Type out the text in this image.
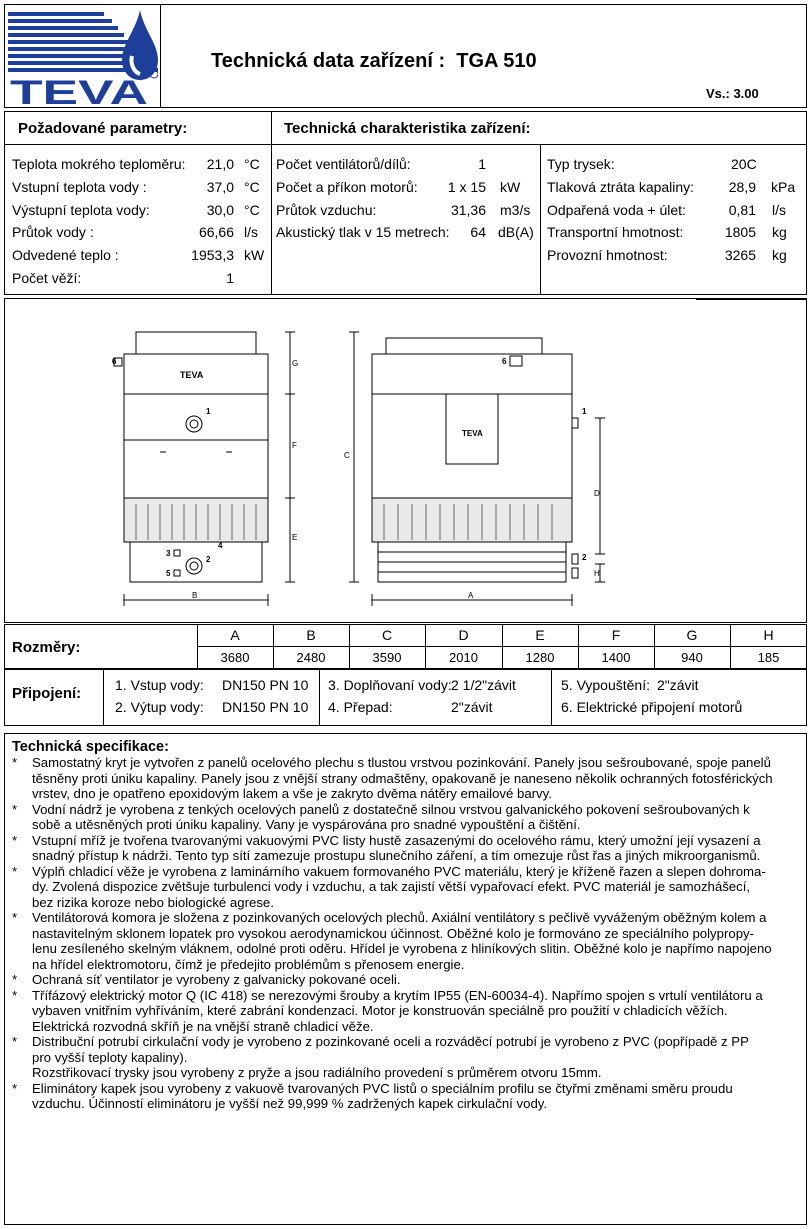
TEVA
Technická data zařízení :  TGA 510
Vs.: 3.00
Požadované parametry:	Technická charakteristika zařízení:
Teplota mokrého teploměru:	21,0 °C
Vstupní teplota vody :	37,0 °C
Výstupní teplota vody:	30,0 °C
Průtok vody :	66,66 l/s
Odvedené teplo :	1953,3 kW
Počet věží:	1
Počet ventilátorů/dílů:	1
Počet a příkon motorů:	1 x 15 kW
Průtok vzduchu:	31,36 m3/s
Akustický tlak v 15 metrech:	64 dB(A)
Typ trysek:	20C
Tlaková ztráta kapaliny:	28,9 kPa
Odpařená voda + úlet:	0,81 l/s
Transportní hmotnost:	1805 kg
Provozní hmotnost:	3265 kg
TEVA
TEVA
B	A
C
D
E
F
G
H
1
2
3
4
5
6	6
1
2
Rozměry:
A	B	C	D	E	F	G	H
3680	2480	3590	2010	1280	1400	940	185
Připojení: 1. Vstup vody: DN150 PN 10
2. Výtup vody: DN150 PN 10
3. Doplňovaní vody: 2 1/2"závit
4. Přepad:	2"závit
5. Vypouštění: 2"závit
6. Elektrické připojení motorů
Technická specifikace:
* Samostatný kryt je vytvořen z panelů ocelového plechu s tlustou vrstvou pozinkování. Panely jsou sešroubované, spoje panelů
těsněny proti úniku kapaliny. Panely jsou z vnější strany odmaštěny, opakovaně je naneseno několik ochranných fotosférických
vrstev, dno je opatřeno epoxidovým lakem a vše je zakryto dvěma nátěry emailové barvy.
* Vodní nádrž je vyrobena z tenkých ocelových panelů z dostatečně silnou vrstvou galvanického pokovení sešroubovaných k
sobě a utěsněných proti úniku kapaliny. Vany je vyspárována pro snadné vypouštění a čištění.
* Vstupní mříž je tvořena tvarovanými vakuovými PVC listy hustě zasazenými do ocelového rámu, který umožní její vysazení a
snadný přístup k nádrži. Tento typ sítí zamezuje prostupu slunečního záření, a tím omezuje růst řas a jiných mikroorganismů.
* Výplň chladicí věže je vyrobena z laminárního vakuem formovaného PVC materiálu, který je kříženě řazen a slepen dohroma-
dy. Zvolená dispozice zvětšuje turbulenci vody i vzduchu, a tak zajistí větší vypařovací efekt. PVC materiál je samozhášecí,
bez rizika koroze nebo biologické agrese.
* Ventilátorová komora je složena z pozinkovaných ocelových plechů. Axiální ventilátory s pečlivě vyváženým oběžným kolem a
nastavitelným sklonem lopatek pro vysokou aerodynamickou účinnost. Oběžné kolo je formováno ze speciálního polypropy-
lenu zesíleného skelným vláknem, odolné proti oděru. Hřídel je vyrobena z hliníkových slitin. Oběžné kolo je napřímo napojeno
na hřídel elektromotoru, čímž je předejito problémům s přenosem energie.
* Ochraná síť ventilator je vyrobeny z galvanicky pokované oceli.
* Třífázový elektrický motor Q (IC 418) se nerezovými šrouby a krytím IP55 (EN-60034-4). Napřímo spojen s vrtulí ventilátoru a
vybaven vnitřním vyhříváním, které zabrání kondenzaci. Motor je konstruován speciálně pro použití v chladicích věžích.
Elektrická rozvodná skříň je na vnější straně chladicí věže.
* Distribuční potrubí cirkulační vody je vyrobeno z pozinkované oceli a rozváděcí potrubí je vyrobeno z PVC (popřípadě z PP
pro vyšší teploty kapaliny).
Rozstřikovací trysky jsou vyrobeny z pryže a jsou radiálního provedení s průměrem otvoru 15mm.
* Eliminátory kapek jsou vyrobeny z vakuově tvarovaných PVC listů o speciálním profilu se čtyřmi změnami směru proudu
vzduchu. Účinností eliminátoru je vyšší než 99,999 % zadržených kapek cirkulační vody.
